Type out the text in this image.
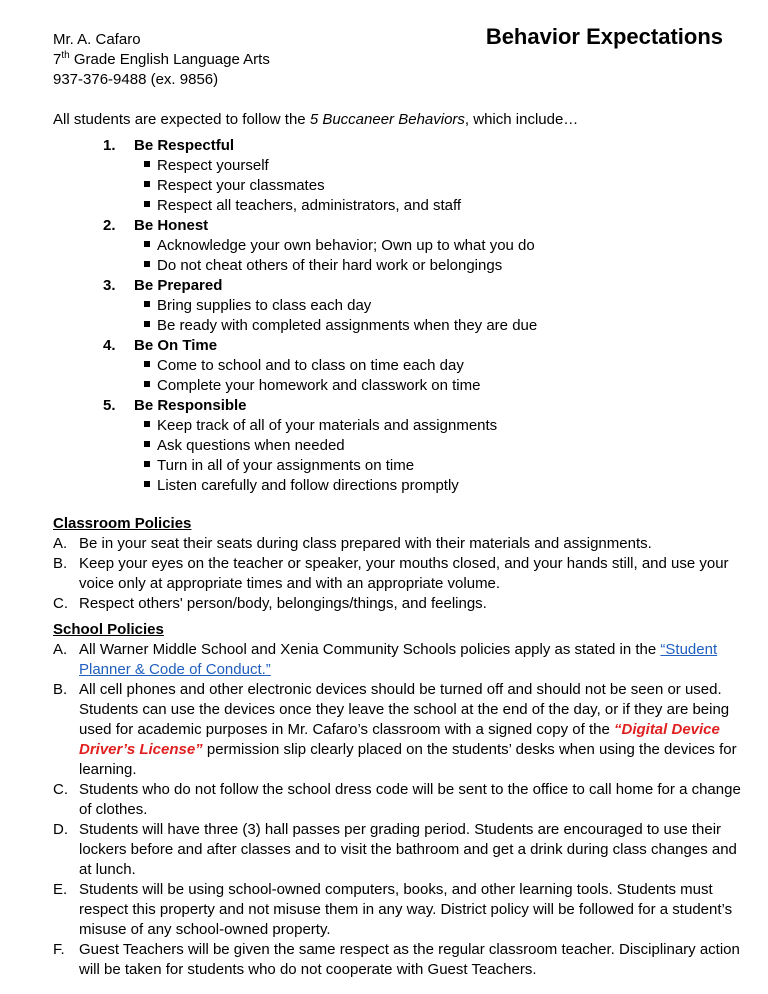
Mr. A. Cafaro
7th Grade English Language Arts
937-376-9488 (ex. 9856)
Behavior Expectations
All students are expected to follow the 5 Buccaneer Behaviors, which include…
1.	Be Respectful
Respect yourself
Respect your classmates
Respect all teachers, administrators, and staff
2.	Be Honest
Acknowledge your own behavior; Own up to what you do
Do not cheat others of their hard work or belongings
3.	Be Prepared
Bring supplies to class each day
Be ready with completed assignments when they are due
4.	Be On Time
Come to school and to class on time each day
Complete your homework and classwork on time
5.	Be Responsible
Keep track of all of your materials and assignments
Ask questions when needed
Turn in all of your assignments on time
Listen carefully and follow directions promptly
Classroom Policies
A. Be in your seat their seats during class prepared with their materials and assignments.
B. Keep your eyes on the teacher or speaker, your mouths closed, and your hands still, and use your voice only at appropriate times and with an appropriate volume.
C. Respect others' person/body, belongings/things, and feelings.
School Policies
A. All Warner Middle School and Xenia Community Schools policies apply as stated in the “Student Planner & Code of Conduct.”
B. All cell phones and other electronic devices should be turned off and should not be seen or used. Students can use the devices once they leave the school at the end of the day, or if they are being used for academic purposes in Mr. Cafaro’s classroom with a signed copy of the “Digital Device Driver’s License” permission slip clearly placed on the students’ desks when using the devices for learning.
C. Students who do not follow the school dress code will be sent to the office to call home for a change of clothes.
D. Students will have three (3) hall passes per grading period. Students are encouraged to use their lockers before and after classes and to visit the bathroom and get a drink during class changes and at lunch.
E. Students will be using school-owned computers, books, and other learning tools. Students must respect this property and not misuse them in any way. District policy will be followed for a student’s misuse of any school-owned property.
F. Guest Teachers will be given the same respect as the regular classroom teacher. Disciplinary action will be taken for students who do not cooperate with Guest Teachers.
